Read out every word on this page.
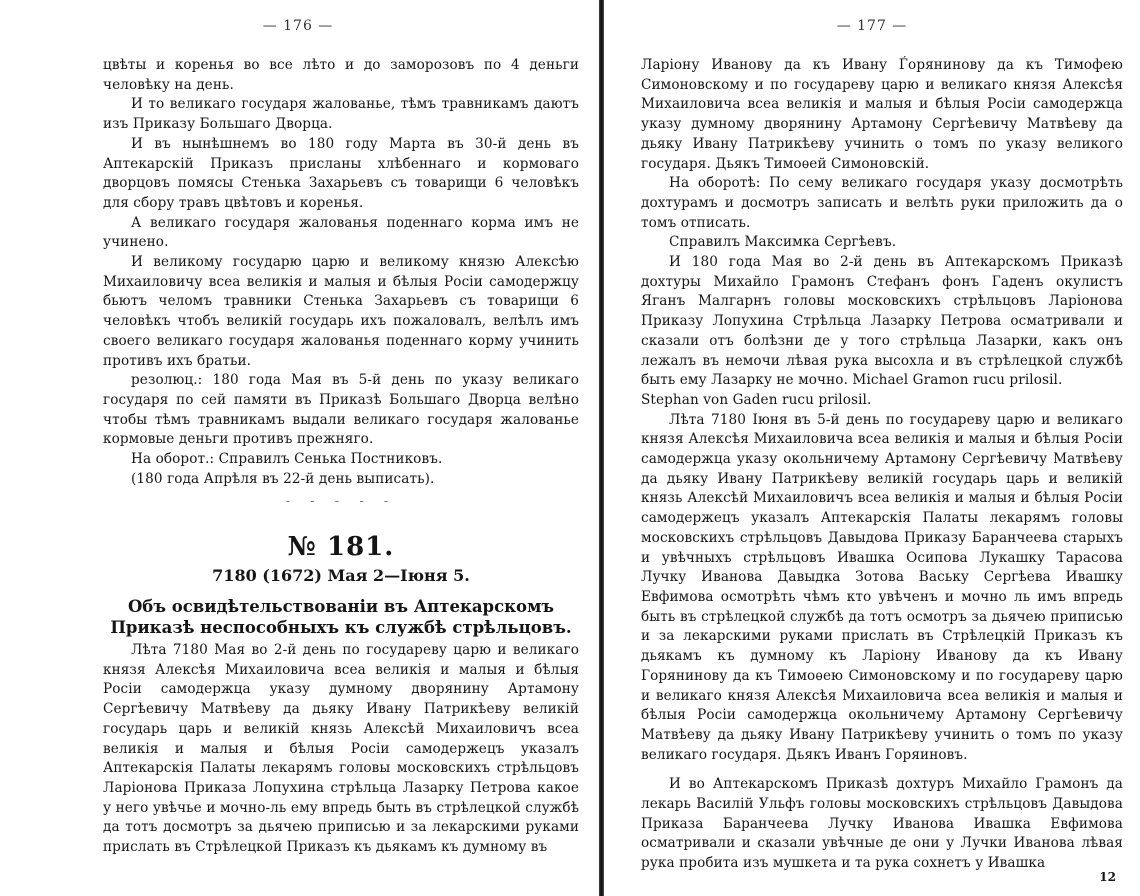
— 176 —

цвѣты и коренья во все лѣто и до заморозовъ по 4 деньги человѣку на день.

И то великаго государя жалованье, тѣмъ травникамъ даютъ изъ Приказу Большаго Дворца.

И въ нынѣшнемъ во 180 году Марта въ 30-й день въ Аптекарскій Приказъ присланы хлѣбеннаго и кормоваго дворцовъ помясы Стенька Захарьевъ съ товарищи 6 человѣкъ для сбору травъ цвѣтовъ и коренья.

А великаго государя жалованья поденнаго корма имъ не учинено.

И великому государю царю и великому князю Алексѣю Михаиловичу всеа великія и малыя и бѣлыя Росіи самодержцу бьютъ челомъ травники Стенька Захарьевъ съ товарищи 6 человѣкъ чтобъ великій государь ихъ пожаловалъ, велѣлъ имъ своего великаго государя жалованья поденнаго корму учинить противъ ихъ братьи.

резолюц.: 180 года Мая въ 5-й день по указу великаго государя по сей памяти въ Приказѣ Большаго Дворца велѣно чтобы тѣмъ травникамъ выдали великаго государя жалованье кормовые деньги противъ прежняго.

На оборот.: Справилъ Сенька Постниковъ.

(180 года Апрѣля въ 22-й день выписать).

- - - - -
№ 181.
7180 (1672) Мая 2—Іюня 5.
Объ освидѣтельствованіи въ Аптекарскомъ Приказѣ неспособныхъ къ службѣ стрѣльцовъ.

Лѣта 7180 Мая во 2-й день по государеву царю и великаго князя Алексѣя Михаиловича всеа великія и малыя и бѣлыя Росіи самодержца указу думному дворянину Артамону Сергѣевичу Матвѣеву да дьяку Ивану Патрикѣеву великій государь царь и великій князь Алексѣй Михаиловичъ всеа великія и малыя и бѣлыя Росіи самодержецъ указалъ Аптекарскія Палаты лекарямъ головы московскихъ стрѣльцовъ Ларіонова Приказа Лопухина стрѣльца Лазарку Петрова какое у него увѣчье и мочно-ль ему впредь быть въ стрѣлецкой службѣ да тотъ досмотръ за дьячею приписью и за лекарскими руками прислать въ Стрѣлецкой Приказъ къ дьякамъ къ думному въ

— 177 —

Ларіону Иванову да къ Ивану Ѓорянинову да къ Тимофею Симоновскому и по государеву царю и великаго князя Алексѣя Михаиловича всеа великія и малыя и бѣлыя Росіи самодержца указу думному дворянину Артамону Сергѣевичу Матвѣеву да дьяку Ивану Патрикѣеву учинить о томъ по указу великого государя. Дьякъ Тимоѳей Симоновскій.

На оборотѣ: По сему великаго государя указу досмотрѣть дохтурамъ и досмотръ записать и велѣть руки приложить да о томъ отписать.

Справилъ Максимка Сергѣевъ.

И 180 года Мая во 2-й день въ Аптекарскомъ Приказѣ дохтуры Михайло Грамонъ Стефанъ фонъ Гаденъ окулистъ Яганъ Малгарнъ головы московскихъ стрѣльцовъ Ларіонова Приказу Лопухина Стрѣльца Лазарку Петрова осматривали и сказали отъ болѣзни де у того стрѣльца Лазарки, какъ онъ лежалъ въ немочи лѣвая рука высохла и въ стрѣлецкой службѣ быть ему Лазарку не мочно. Michael Gramon rucu prilosil.

Stephan von Gaden rucu prilosil.

Лѣта 7180 Іюня въ 5-й день по государеву царю и великаго князя Алексѣя Михаиловича всеа великія и малыя и бѣлыя Росіи самодержца указу окольничему Артамону Сергѣевичу Матвѣеву да дьяку Ивану Патрикѣеву великій государь царь и великій князь Алексѣй Михаиловичъ всеа великія и малыя и бѣлыя Росіи самодержецъ указалъ Аптекарскія Палаты лекарямъ головы московскихъ стрѣльцовъ Давыдова Приказу Баранчеева старыхъ и увѣчныхъ стрѣльцовъ Ивашка Осипова Лукашку Тарасова Лучку Иванова Давыдка Зотова Ваську Сергѣева Ивашку Евфимова осмотрѣть чѣмъ кто увѣченъ и мочно ль имъ впредь быть въ стрѣлецкой службѣ да тотъ осмотръ за дьячею приписью и за лекарскими руками прислать въ Стрѣлецкій Приказъ къ дьякамъ къ думному къ Ларіону Иванову да къ Ивану Горянинову да къ Тимоѳею Симоновскому и по государеву царю и великаго князя Алексѣя Михаиловича всеа великія и малыя и бѣлыя Росіи самодержца окольничему Артамону Сергѣевичу Матвѣеву да дьяку Ивану Патрикѣеву учинить о томъ по указу великаго государя. Дьякъ Иванъ Горяиновъ.

И во Аптекарскомъ Приказѣ дохтуръ Михайло Грамонъ да лекарь Василій Ульфъ головы московскихъ стрѣльцовъ Давыдова Приказа Баранчеева Лучку Иванова Ивашка Евфимова осматривали и сказали увѣчные де они у Лучки Иванова лѣвая рука пробита изъ мушкета и та рука сохнетъ у Ивашка

12
